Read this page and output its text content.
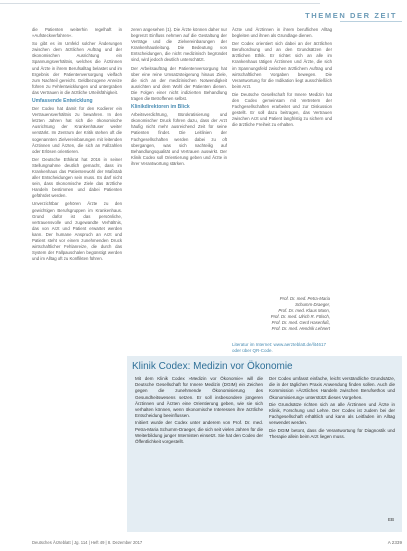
THEMEN DER ZEIT

die Patienten weiterhin regelhaft in »Aufsteckverfahren«.

So gibt es im Umfeld solcher Änderungen zwischen dem ärztlichen Auftrag und der ökonomischen Ausrichtung ein Spannungsverhältnis, welches die Ärztinnen und Ärzte in ihrem Berufsalltag belastet und im Ergebnis der Patientenversorgung vielfach zum Nachteil gereicht. Geldbezogene Anreize führen zu Fehlentwicklungen und untergraben das Vertrauen in die ärztliche Urteilsfähigkeit.

Umfassende Entwicklung

Der Codex hat damit für den Kodierer ein Vertrauensverhältnis zu bewahren. In den letzten Jahren hat sich die ökonomische Ausrichtung der Krankenhäuser weiter verstärkt. Im Zentrum der Kritik stehen oft die sogenannten Zielvereinbarungen mit leitenden Ärztinnen und Ärzten, die sich an Fallzahlen oder Erlösen orientieren.

Der Deutsche Ethikrat hat 2016 in seiner Stellungnahme deutlich gemacht, dass im Krankenhaus das Patientenwohl der Maßstab aller Entscheidungen sein muss. Es darf nicht sein, dass ökonomische Ziele das ärztliche Handeln bestimmen und dabei Patienten gefährdet werden.

Unverzichtbar gehören Ärzte zu den gewichtigen Berufsgruppen im Krankenhaus. Grund dafür ist das persönliche, vertrauensvolle und zugewandte Verhältnis, das von Arzt und Patient erwartet werden kann. Der humane Anspruch an Arzt und Patient steht vor einem zunehmenden Druck wirtschaftlicher Fehlanreize, die durch das System der Fallpauschalen begünstigt werden und im Alltag oft zu Konflikten führen.

zeren angesehen (1). Die Ärzte können daher nur begrenzt Einfluss nehmen auf die Gestaltung der Verträge und die Zielvereinbarungen der Krankenhausleitung. Die Bedeutung von Entscheidungen, die nicht medizinisch begründet sind, wird jedoch deutlich unterschätzt.

Der Arbeitsauftrag der Patientenversorgung hat über eine reine Umsatzsteigerung hinaus Ziele, die sich an der medizinischen Notwendigkeit ausrichten und dem Wohl der Patienten dienen. Die Folgen einer nicht indizierten Behandlung tragen die Betroffenen selbst.

Klinikdirektoren im Blick

Arbeitsverdichtung, Bürokratisierung und ökonomischer Druck führen dazu, dass der Arzt häufig nicht mehr ausreichend Zeit für seine Patienten findet. Die Leitlinien der Fachgesellschaften werden dabei zu oft übergangen, was sich nachteilig auf Behandlungsqualität und Vertrauen auswirkt. Der Klinik Codex soll Orientierung geben und Ärzte in ihrer Verantwortung stärken.

Ärzte und Ärztinnen in ihrem beruflichen Alltag begleiten und ihnen als Grundlage dienen.

Der Codex orientiert sich dabei an der ärztlichen Berufsordnung und an den Grundsätzen der ärztlichen Ethik. Er richtet sich an alle im Krankenhaus tätigen Ärztinnen und Ärzte, die sich im Spannungsfeld zwischen ärztlichem Auftrag und wirtschaftlichen Vorgaben bewegen. Die Verantwortung für die Indikation liegt ausschließlich beim Arzt.

Die Deutsche Gesellschaft für Innere Medizin hat den Codex gemeinsam mit Vertretern der Fachgesellschaften erarbeitet und zur Diskussion gestellt. Er soll dazu beitragen, das Vertrauen zwischen Arzt und Patient langfristig zu sichern und die ärztliche Freiheit zu erhalten.

Prof. Dr. med. Petra-Maria Schumm-Draeger,
Prof. Dr. med. Klaus Mann,
Prof. Dr. med. Ulrich R. Fölsch,
Prof. Dr. med. Gerd Hasenfuß,
Prof. Dr. med. Hendrik Lehnert
Literatur im Internet: www.aerzteblatt.de/lit4617 oder über QR-Code.
Klinik Codex: Medizin vor Ökonomie

Mit dem Klinik Codex »Medizin vor Ökonomie« will die Deutsche Gesellschaft für Innere Medizin (DGIM) ein Zeichen gegen die zunehmende Ökonomisierung des Gesundheitswesens setzen. Er soll insbesondere jüngeren Ärztinnen und Ärzten eine Orientierung geben, wie sie sich verhalten können, wenn ökonomische Interessen ihre ärztliche Entscheidung beeinflussen.

Initiiert wurde der Codex unter anderem von Prof. Dr. med. Petra-Maria Schumm-Draeger, die sich seit vielen Jahren für die Weiterbildung junger Internisten einsetzt. Sie hat den Codex der Öffentlichkeit vorgestellt.

Der Codex umfasst einfache, leicht verständliche Grundsätze, die in der täglichen Praxis Anwendung finden sollen. Auch die Kommission »Ärztliches Handeln zwischen Berufsethos und Ökonomisierung« unterstützt dieses Vorgehen.

Die Grundsätze richten sich an alle Ärztinnen und Ärzte in Klinik, Forschung und Lehre. Der Codex ist zudem bei der Fachgesellschaft erhältlich und kann als Leitfaden im Alltag verwendet werden.

Die DGIM betont, dass die Verantwortung für Diagnostik und Therapie allein beim Arzt liegen muss.

EB
Deutsches Ärzteblatt | Jg. 114 | Heft 49 | 8. Dezember 2017	A 2339
